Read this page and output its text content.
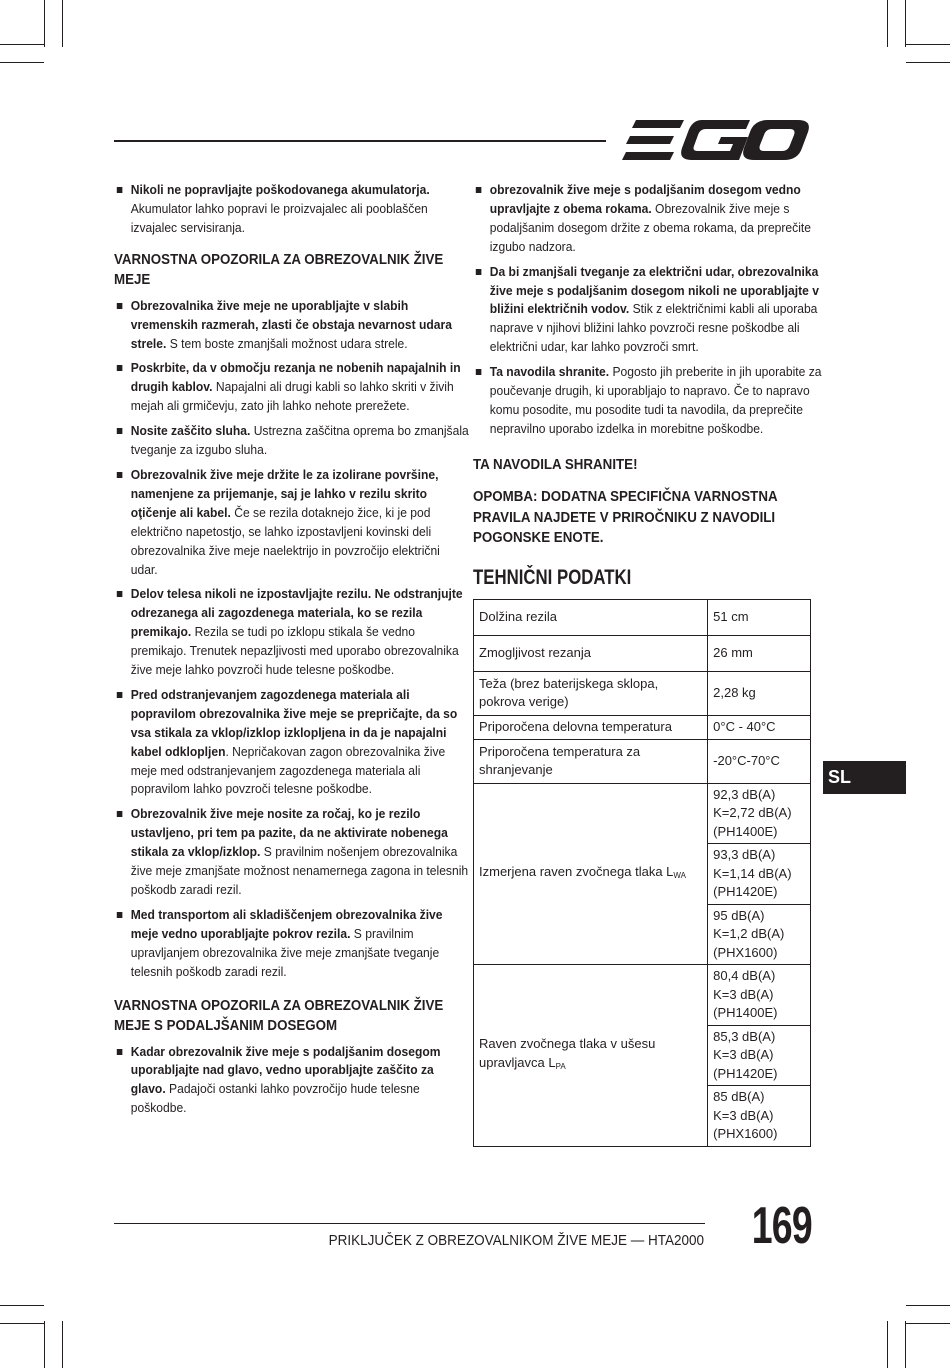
Nikoli ne popravljajte poškodovanega akumulatorja. Akumulator lahko popravi le proizvajalec ali pooblaščen izvajalec servisiranja.
VARNOSTNA OPOZORILA ZA OBREZOVALNIK ŽIVE MEJE
Obrezovalnika žive meje ne uporabljajte v slabih vremenskih razmerah, zlasti če obstaja nevarnost udara strele. S tem boste zmanjšali možnost udara strele.
Poskrbite, da v območju rezanja ne nobenih napajalnih in drugih kablov. Napajalni ali drugi kabli so lahko skriti v živih mejah ali grmičevju, zato jih lahko nehote prerežete.
Nosite zaščito sluha. Ustrezna zaščitna oprema bo zmanjšala tveganje za izgubo sluha.
Obrezovalnik žive meje držite le za izolirane površine, namenjene za prijemanje, saj je lahko v rezilu skrito oţičenje ali kabel. Če se rezila dotaknejo žice, ki je pod električno napetostjo, se lahko izpostavljeni kovinski deli obrezovalnika žive meje naelektrijo in povzročijo električni udar.
Delov telesa nikoli ne izpostavljajte rezilu. Ne odstranjujte odrezanega ali zagozdenega materiala, ko se rezila premikajo. Rezila se tudi po izklopu stikala še vedno premikajo. Trenutek nepazljivosti med uporabo obrezovalnika žive meje lahko povzroči hude telesne poškodbe.
Pred odstranjevanjem zagozdenega materiala ali popravilom obrezovalnika žive meje se prepričajte, da so vsa stikala za vklop/izklop izklopljena in da je napajalni kabel odklopljen. Nepričakovan zagon obrezovalnika žive meje med odstranjevanjem zagozdenega materiala ali popravilom lahko povzroči telesne poškodbe.
Obrezovalnik žive meje nosite za ročaj, ko je rezilo ustavljeno, pri tem pa pazite, da ne aktivirate nobenega stikala za vklop/izklop. S pravilnim nošenjem obrezovalnika žive meje zmanjšate možnost nenamernega zagona in telesnih poškodb zaradi rezil.
Med transportom ali skladiščenjem obrezovalnika žive meje vedno uporabljajte pokrov rezila. S pravilnim upravljanjem obrezovalnika žive meje zmanjšate tveganje telesnih poškodb zaradi rezil.
VARNOSTNA OPOZORILA ZA OBREZOVALNIK ŽIVE MEJE S PODALJŠANIM DOSEGOM
Kadar obrezovalnik žive meje s podaljšanim dosegom uporabljajte nad glavo, vedno uporabljajte zaščito za glavo. Padajoči ostanki lahko povzročijo hude telesne poškodbe.
obrezovalnik žive meje s podaljšanim dosegom vedno upravljajte z obema rokama. Obrezovalnik žive meje s podaljšanim dosegom držite z obema rokama, da preprečite izgubo nadzora.
Da bi zmanjšali tveganje za električni udar, obrezovalnika žive meje s podaljšanim dosegom nikoli ne uporabljajte v bližini električnih vodov. Stik z električnimi kabli ali uporaba naprave v njihovi bližini lahko povzroči resne poškodbe ali električni udar, kar lahko povzroči smrt.
Ta navodila shranite. Pogosto jih preberite in jih uporabite za poučevanje drugih, ki uporabljajo to napravo. Če to napravo komu posodite, mu posodite tudi ta navodila, da preprečite nepravilno uporabo izdelka in morebitne poškodbe.
TA NAVODILA SHRANITE!
OPOMBA: DODATNA SPECIFIČNA VARNOSTNA PRAVILA NAJDETE V PRIROČNIKU Z NAVODILI POGONSKE ENOTE.
TEHNIČNI PODATKI
Dolžina rezila	51 cm
Zmogljivost rezanja	26 mm
Teža (brez baterijskega sklopa, pokrova verige)	2,28 kg
Priporočena delovna temperatura	0°C - 40°C
Priporočena temperatura za shranjevanje	-20°C-70°C
Izmerjena raven zvočnega tlaka $L_{WA}$	92,3 dB(A)
K=2,72 dB(A)
(PH1400E)

	93,3 dB(A)
K=1,14 dB(A)
(PH1420E)

	95 dB(A)
K=1,2 dB(A)
(PHX1600)

Raven zvočnega tlaka v ušesu upravljavca $L_{PA}$	80,4 dB(A)
K=3 dB(A)
(PH1400E)

	85,3 dB(A)
K=3 dB(A)
(PH1420E)

	85 dB(A)
K=3 dB(A)
(PHX1600)
SL
PRIKLJUČEK Z OBREZOVALNIKOM ŽIVE MEJE — HTA2000 169
